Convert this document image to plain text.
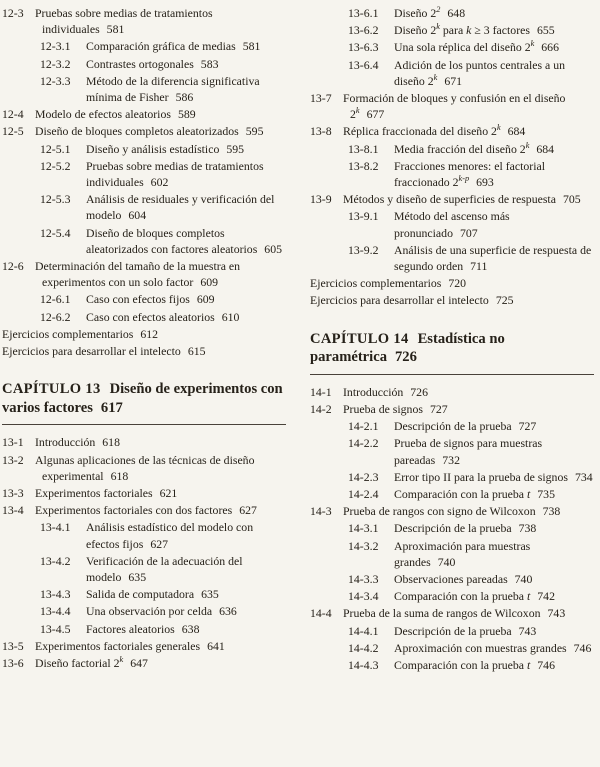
12-3 Pruebas sobre medias de tratamientos individuales 581
12-3.1 Comparación gráfica de medias 581
12-3.2 Contrastes ortogonales 583
12-3.3 Método de la diferencia significativa mínima de Fisher 586
12-4 Modelo de efectos aleatorios 589
12-5 Diseño de bloques completos aleatorizados 595
12-5.1 Diseño y análisis estadístico 595
12-5.2 Pruebas sobre medias de tratamientos individuales 602
12-5.3 Análisis de residuales y verificación del modelo 604
12-5.4 Diseño de bloques completos aleatorizados con factores aleatorios 605
12-6 Determinación del tamaño de la muestra en experimentos con un solo factor 609
12-6.1 Caso con efectos fijos 609
12-6.2 Caso con efectos aleatorios 610
Ejercicios complementarios 612
Ejercicios para desarrollar el intelecto 615
CAPÍTULO 13 Diseño de experimentos con varios factores 617
13-1 Introducción 618
13-2 Algunas aplicaciones de las técnicas de diseño experimental 618
13-3 Experimentos factoriales 621
13-4 Experimentos factoriales con dos factores 627
13-4.1 Análisis estadístico del modelo con efectos fijos 627
13-4.2 Verificación de la adecuación del modelo 635
13-4.3 Salida de computadora 635
13-4.4 Una observación por celda 636
13-4.5 Factores aleatorios 638
13-5 Experimentos factoriales generales 641
13-6 Diseño factorial 2$^k$ 647
13-6.1 Diseño $2^2$ 648
13-6.2 Diseño 2$^k$ para k ≥ 3 factores 655
13-6.3 Una sola réplica del diseño 2$^k$ 666
13-6.4 Adición de los puntos centrales a un diseño 2$^k$ 671
13-7 Formación de bloques y confusión en el diseño 2$^k$ 677
13-8 Réplica fraccionada del diseño 2$^k$ 684
13-8.1 Media fracción del diseño 2$^k$ 684
13-8.2 Fracciones menores: el factorial fraccionado 2$^{k-p}$ 693
13-9 Métodos y diseño de superficies de respuesta 705
13-9.1 Método del ascenso más pronunciado 707
13-9.2 Análisis de una superficie de respuesta de segundo orden 711
Ejercicios complementarios 720
Ejercicios para desarrollar el intelecto 725
CAPÍTULO 14 Estadística no paramétrica 726
14-1 Introducción 726
14-2 Prueba de signos 727
14-2.1 Descripción de la prueba 727
14-2.2 Prueba de signos para muestras pareadas 732
14-2.3 Error tipo II para la prueba de signos 734
14-2.4 Comparación con la prueba t 735
14-3 Prueba de rangos con signo de Wilcoxon 738
14-3.1 Descripción de la prueba 738
14-3.2 Aproximación para muestras grandes 740
14-3.3 Observaciones pareadas 740
14-3.4 Comparación con la prueba t 742
14-4 Prueba de la suma de rangos de Wilcoxon 743
14-4.1 Descripción de la prueba 743
14-4.2 Aproximación con muestras grandes 746
14-4.3 Comparación con la prueba t 746
